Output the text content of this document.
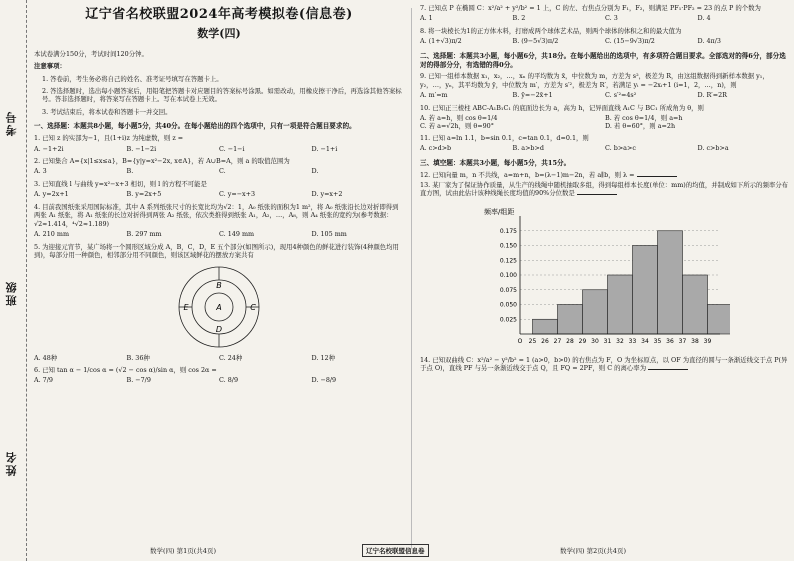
考号
班级
姓名
辽宁省名校联盟2024年高考模拟卷(信息卷)
数学(四)

本试卷满分150分，考试时间120分钟。

注意事项：

1. 答卷前，考生务必将自己的姓名、准考证号填写在答题卡上。

2. 答选择题时，选出每小题答案后，用铅笔把答题卡对应题目的答案标号涂黑。如需改动，用橡皮擦干净后，再选涂其他答案标号。答非选择题时，将答案写在答题卡上。写在本试卷上无效。

3. 考试结束后，将本试卷和答题卡一并交回。

一、选择题：本题共8小题，每小题5分，共40分。在每小题给出的四个选项中，只有一项是符合题目要求的。
1. 已知 z 的实部为−1，且(1+i)z 为纯虚数，则 z =
A. −1+2i	B. −1−2i	C. −1−i	D. −1+i
2. 已知集合 A={x|1≤x≤a}，B={y|y=x²−2x, x∈A}，若 A∪B=A，则 a 的取值范围为
A. 3	B.	C.	D.
3. 已知直线 l 与曲线 y=x²−x+3 相切，则 l 的方程不可能是
A. y=2x+1	B. y=2x+5	C. y=−x+3	D. y=x+2
4. 目前我国纸张采用国际标准，其中 A 系列纸张尺寸的长宽比均为√2：1，A₀ 纸张的面积为1 m²，将 A₀ 纸张沿长边对折即得到两张 A₁ 纸张，将 A₁ 纸张的长边对折得到两张 A₂ 纸张，依次类推得到纸张 A₁，A₂，…，A₈，则 A₄ 纸张的宽约为(参考数据：√2≈1.414，⁴√2≈1.189)
A. 210 mm	B. 297 mm	C. 149 mm	D. 105 mm
5. 为迎接元宵节，某广场将一个圆形区域分成 A，B，C，D，E 五个部分(如图所示)，现用4种颜色的鲜花进行装饰(4种颜色均用到)，每部分用一种颜色，相邻部分用不同颜色，则该区域鲜花的摆放方案共有
A
B
C
D
E
A. 48种	B. 36种	C. 24种	D. 12种
6. 已知 tan α − 1/cos α = (√2 − cos α)/sin α，则 cos 2α =
A. 7/9	B. −7/9	C. 8/9	D. −8/9
7. 已知点 P 在椭圆 C：x²/a² + y²/b² = 1 上，C 的左、右焦点分别为 F₁，F₂，则满足 PF₁·PF₂ = 23 的点 P 的个数为
A. 1	B. 2	C. 3	D. 4
8. 将一块棱长为1的正方体木料，打磨成两个球体艺术品，则两个球体的体积之和的最大值为
A. (1+√3)π/2	B. (9−5√3)π/2	C. (15−9√3)π/2	D. 4π/3
二、选择题：本题共3小题，每小题6分，共18分。在每小题给出的选项中，有多项符合题目要求。全部选对的得6分，部分选对的得部分分，有选错的得0分。
9. 已知一组样本数据 x₁，x₂，…，xₙ 的平均数为 x̄，中位数为 m，方差为 s²，极差为 R，由这组数据得到新样本数据 y₁，y₂，…，yₙ，其平均数为 ȳ，中位数为 m′，方差为 s′²，极差为 R′，若满足 yᵢ = −2xᵢ+1 (i=1，2，…，n)，则
A. m′=m	B. ȳ=−2x̄+1	C. s′²=4s²	D. R′=2R
10. 已知正三棱柱 ABC-A₁B₁C₁ 的底面边长为 a，高为 h，记异面直线 A₁C 与 BC₁ 所成角为 θ，则
A. 若 a=h，则 cos θ=1/4	B. 若 cos θ=1/4，则 a=h
C. 若 a=√2h，则 θ=90°	D. 若 θ=60°，则 a=2h
11. 已知 a=ln 1.1，b=sin 0.1，c=tan 0.1，d=0.1，则
A. c>d>b	B. a>b>d	C. b>a>c	D. c>b>a
三、填空题：本题共3小题，每小题5分，共15分。
12. 已知向量 m，n 不共线，a=m+n，b=(λ−1)m−2n，若 a∥b，则 λ =
13. 某厂家为了保证协作质量，从生产的线绳中随机抽取多组，得到每组样本长度(单位：mm)的均值，并制成如下所示的频率分布直方图，试由此估计该种线绳长度均值的90%分位数是
频率/组距
0.025
0.050
0.075
0.100
0.125
0.150
0.175
O 25 26 27 28 29 30 31 32 33 34 35 36 37 38 39
14. 已知双曲线 C：x²/a² − y²/b² = 1 (a>0，b>0) 的右焦点为 F，O 为坐标原点，以 OF 为直径的圆与一条渐近线交于点 P(异于点 O)，直线 PF 与另一条渐近线交于点 Q，且 FQ = 2PF，则 C 的离心率为
数学(四) 第1页(共4页)	辽宁名校联盟信息卷	数学(四) 第2页(共4页)
